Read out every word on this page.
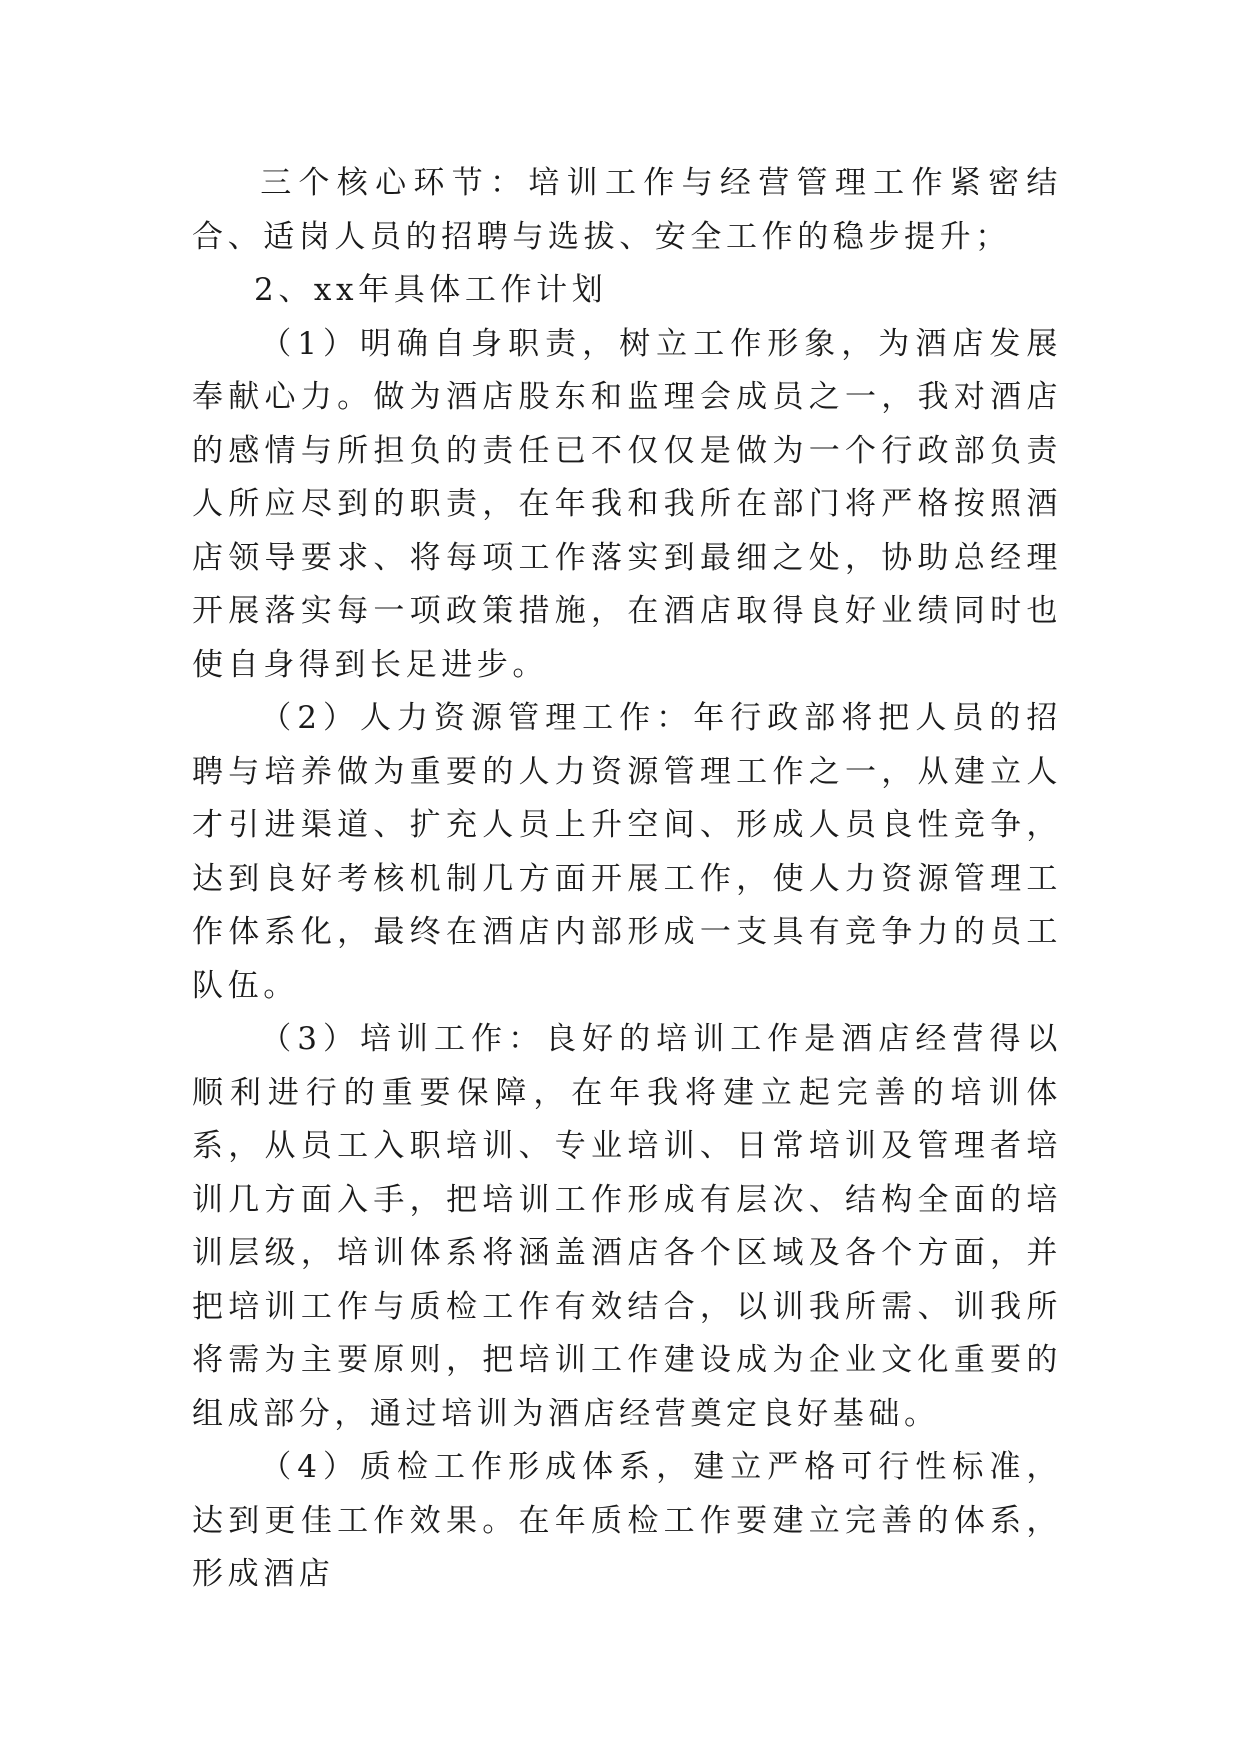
三个核心环节：培训工作与经营管理工作紧密结合、适岗人员的招聘与选拔、安全工作的稳步提升；

2、xx年具体工作计划

（1）明确自身职责，树立工作形象，为酒店发展奉献心力。做为酒店股东和监理会成员之一，我对酒店的感情与所担负的责任已不仅仅是做为一个行政部负责人所应尽到的职责，在年我和我所在部门将严格按照酒店领导要求、将每项工作落实到最细之处，协助总经理开展落实每一项政策措施，在酒店取得良好业绩同时也使自身得到长足进步。

（2）人力资源管理工作：年行政部将把人员的招聘与培养做为重要的人力资源管理工作之一，从建立人才引进渠道、扩充人员上升空间、形成人员良性竞争，达到良好考核机制几方面开展工作，使人力资源管理工作体系化，最终在酒店内部形成一支具有竞争力的员工队伍。

（3）培训工作：良好的培训工作是酒店经营得以顺利进行的重要保障，在年我将建立起完善的培训体系，从员工入职培训、专业培训、日常培训及管理者培训几方面入手，把培训工作形成有层次、结构全面的培训层级，培训体系将涵盖酒店各个区域及各个方面，并把培训工作与质检工作有效结合，以训我所需、训我所将需为主要原则，把培训工作建设成为企业文化重要的组成部分，通过培训为酒店经营奠定良好基础。

（4）质检工作形成体系，建立严格可行性标准，达到更佳工作效果。在年质检工作要建立完善的体系，形成酒店
